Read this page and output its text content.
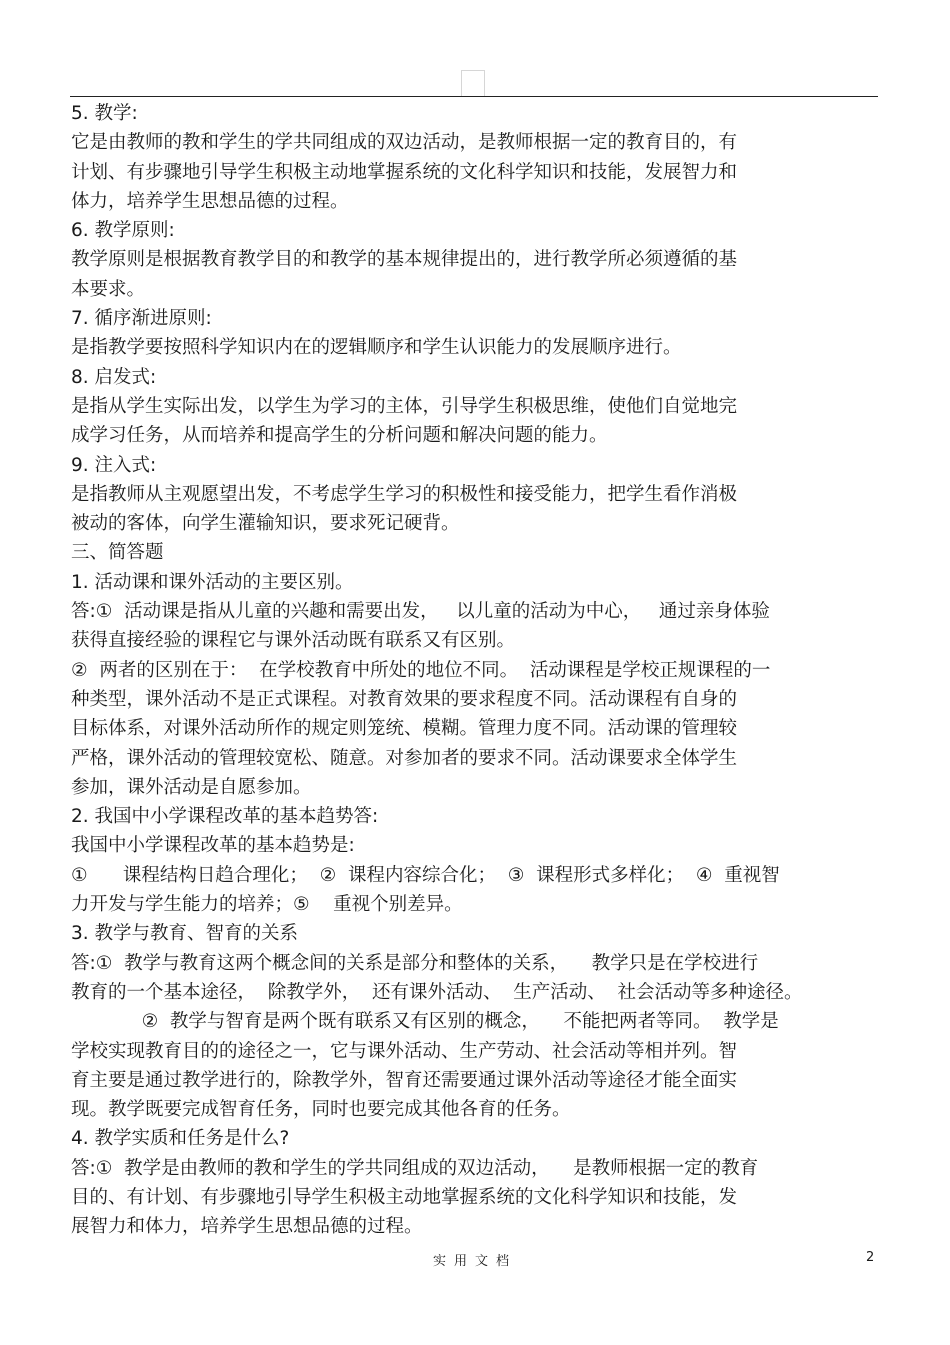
5. 教学:
它是由教师的教和学生的学共同组成的双边活动，是教师根据一定的教育目的，有
计划、有步骤地引导学生积极主动地掌握系统的文化科学知识和技能，发展智力和
体力，培养学生思想品德的过程。
6. 教学原则:
教学原则是根据教育教学目的和教学的基本规律提出的，进行教学所必须遵循的基
本要求。
7. 循序渐进原则:
是指教学要按照科学知识内在的逻辑顺序和学生认识能力的发展顺序进行。
8. 启发式:
是指从学生实际出发，以学生为学习的主体，引导学生积极思维，使他们自觉地完
成学习任务，从而培养和提高学生的分析问题和解决问题的能力。
9. 注入式:
是指教师从主观愿望出发，不考虑学生学习的积极性和接受能力，把学生看作消极
被动的客体，向学生灌输知识，要求死记硬背。
三、简答题
1. 活动课和课外活动的主要区别。
答:①  活动课是指从儿童的兴趣和需要出发，   以儿童的活动为中心，   通过亲身体验
获得直接经验的课程它与课外活动既有联系又有区别。
②  两者的区别在于：  在学校教育中所处的地位不同。  活动课程是学校正规课程的一
种类型，课外活动不是正式课程。对教育效果的要求程度不同。活动课程有自身的
目标体系，对课外活动所作的规定则笼统、模糊。管理力度不同。活动课的管理较
严格，课外活动的管理较宽松、随意。对参加者的要求不同。活动课要求全体学生
参加，课外活动是自愿参加。
2. 我国中小学课程改革的基本趋势答:
我国中小学课程改革的基本趋势是:
①      课程结构日趋合理化；  ②  课程内容综合化；  ③  课程形式多样化；  ④  重视智
力开发与学生能力的培养；⑤    重视个别差异。
3. 教学与教育、智育的关系
答:①  教学与教育这两个概念间的关系是部分和整体的关系，    教学只是在学校进行
教育的一个基本途径，  除教学外，  还有课外活动、  生产活动、  社会活动等多种途径。
②  教学与智育是两个既有联系又有区别的概念，    不能把两者等同。  教学是
学校实现教育目的的途径之一，它与课外活动、生产劳动、社会活动等相并列。智
育主要是通过教学进行的，除教学外，智育还需要通过课外活动等途径才能全面实
现。教学既要完成智育任务，同时也要完成其他各育的任务。
4. 教学实质和任务是什么?
答:①  教学是由教师的教和学生的学共同组成的双边活动，    是教师根据一定的教育
目的、有计划、有步骤地引导学生积极主动地掌握系统的文化科学知识和技能，发
展智力和体力，培养学生思想品德的过程。
实用文档	2
